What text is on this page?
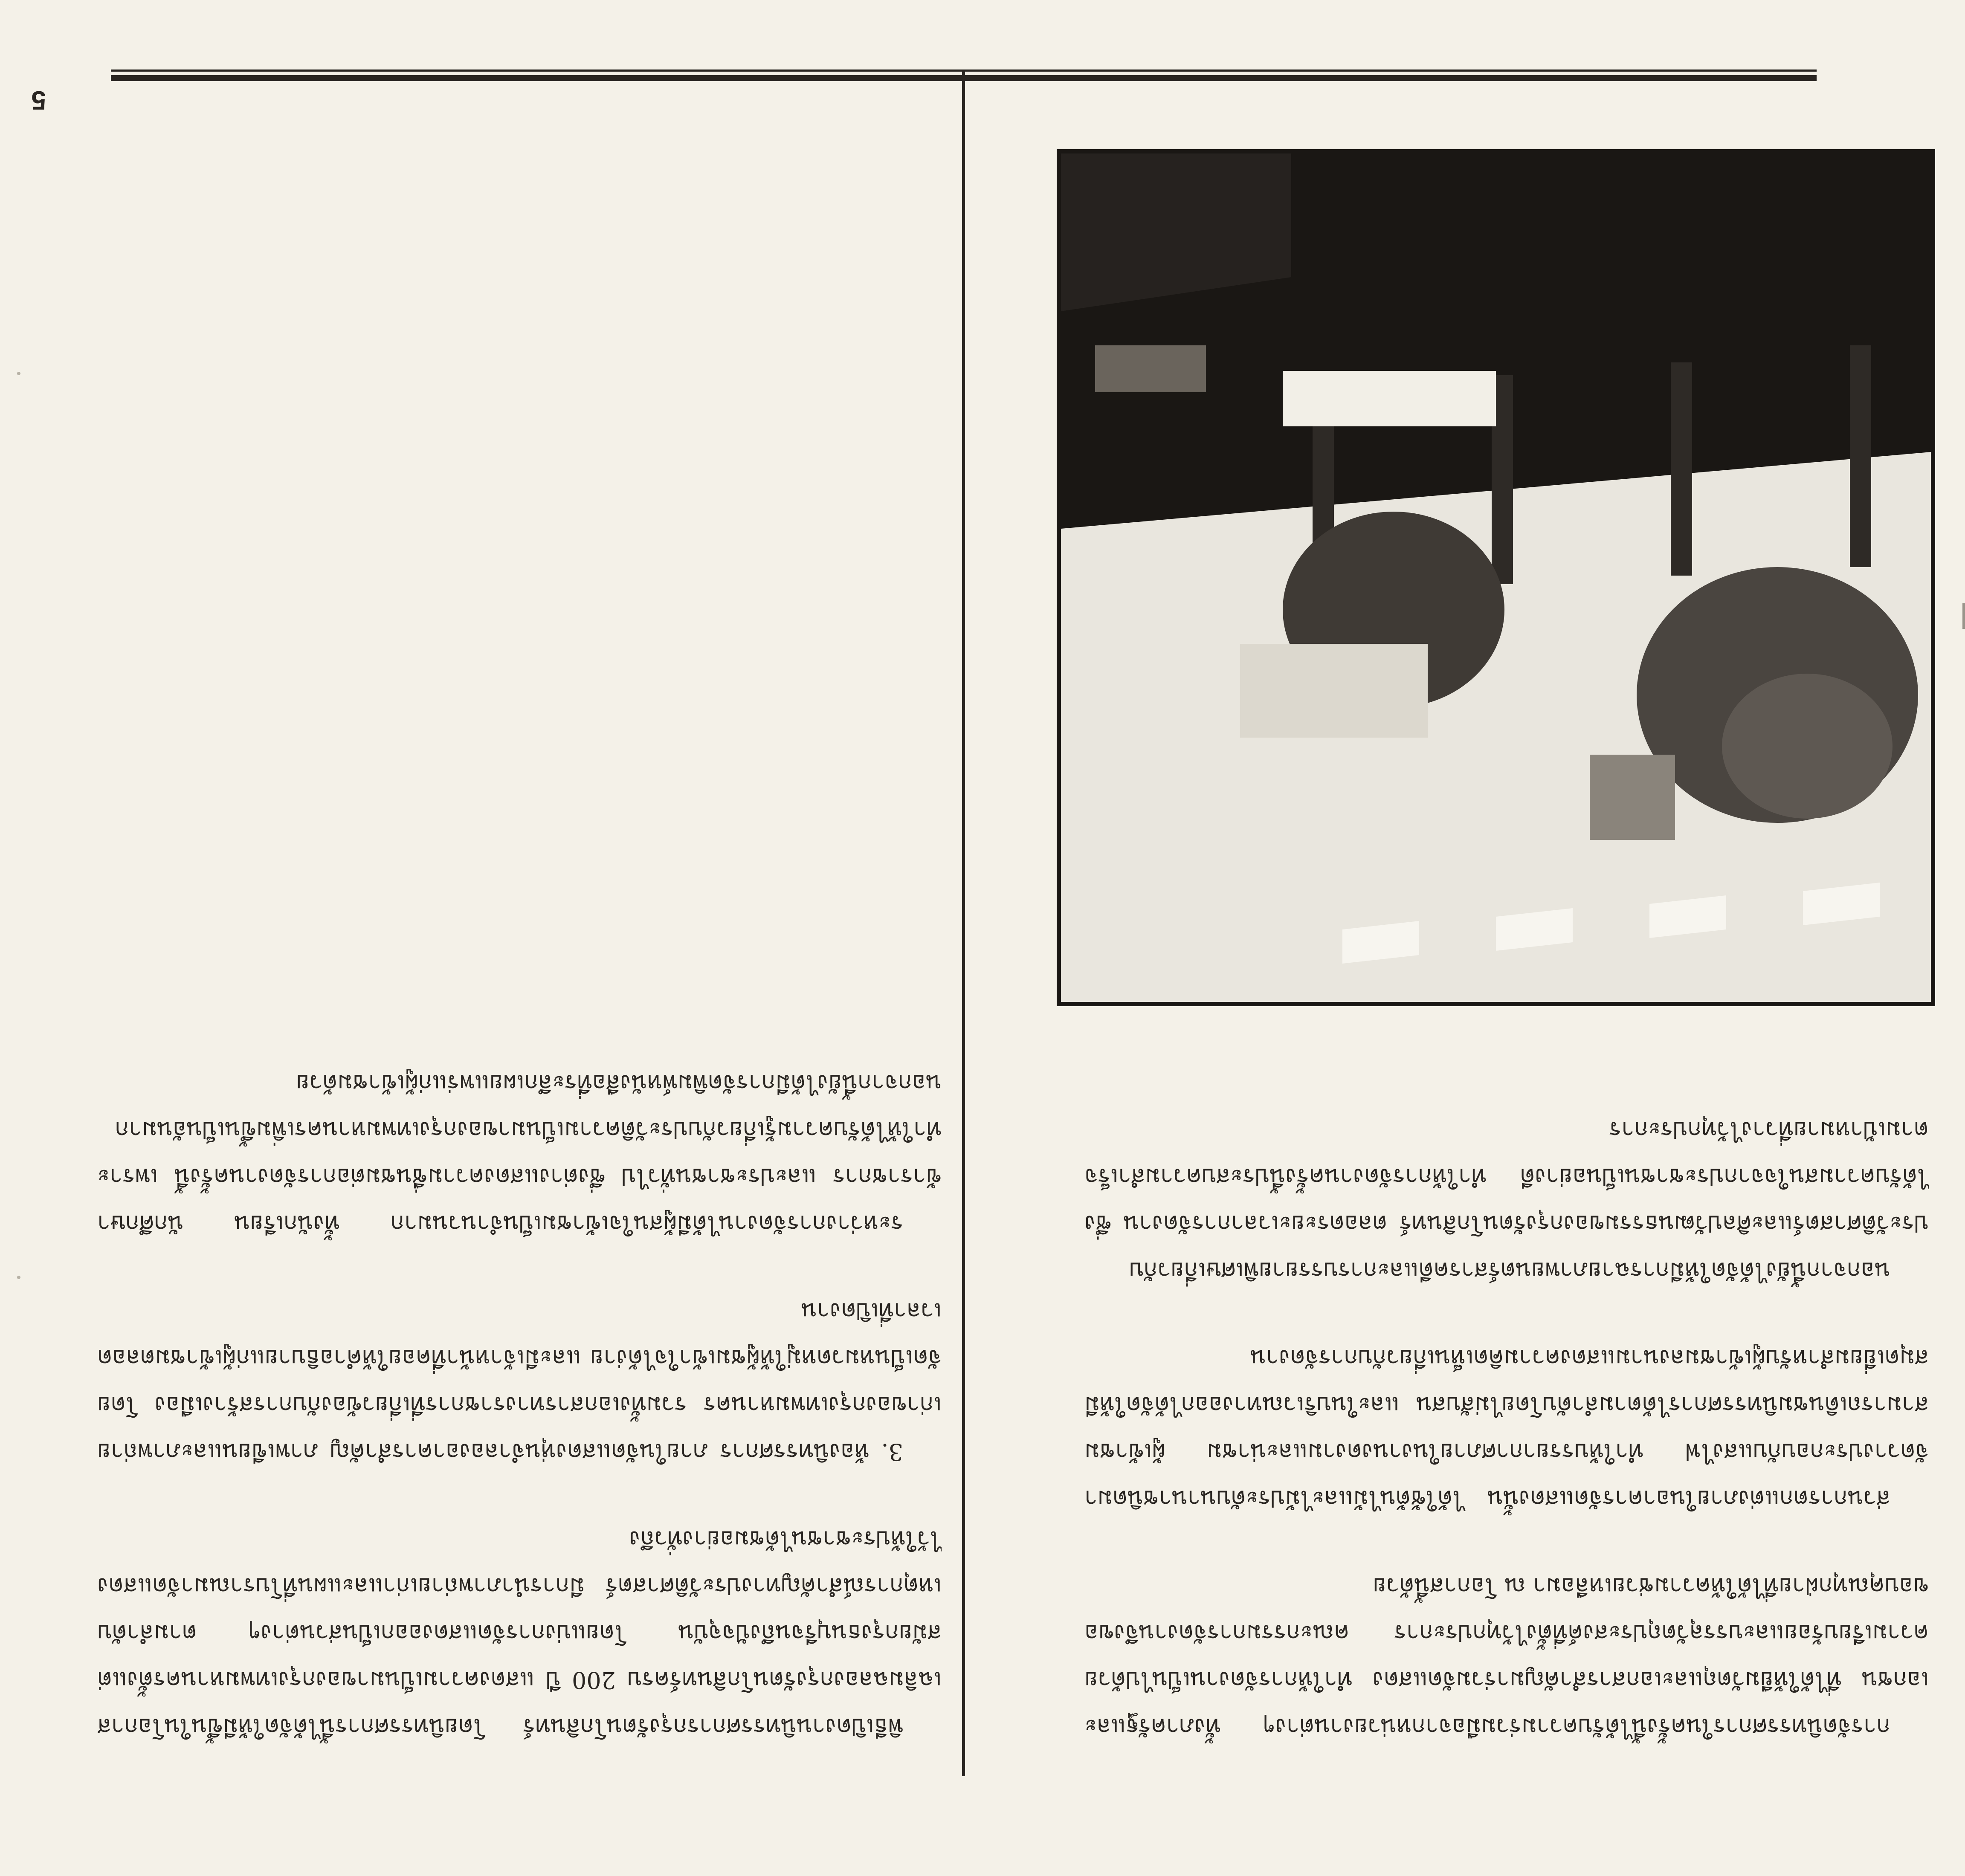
5

พิธีเปิดงานนิทรรศการกรุงรัตนโกสินทร์ โดยนิทรรศการนี้ได้จัดให้มีขึ้นในโอกาสเฉลิมฉลองกรุงรัตนโกสินทร์ครบ 200 ปี แสดงความเป็นมาของกรุงเทพมหานครตั้งแต่สมัยกรุงธนบุรีจนถึงปัจจุบัน โดยแบ่งการจัดแสดงออกเป็นส่วนต่างๆ ตามลำดับเหตุการณ์สำคัญทางประวัติศาสตร์ มีการนำภาพถ่ายเก่าและแผนที่โบราณมาจัดแสดงไว้ให้ประชาชนได้ชมอย่างทั่วถึง

3. ห้องนิทรรศการ ภายในจัดแสดงหุ่นจำลองอาคารสำคัญ ภาพเขียนและภาพถ่ายเก่าของกรุงเทพมหานคร รวมทั้งเอกสารทางราชการที่เกี่ยวข้องกับการสร้างเมือง โดยจัดเป็นหมวดหมู่ให้ผู้ชมเข้าใจได้ง่าย และมีเจ้าหน้าที่คอยให้คำอธิบายแก่ผู้เข้าชมตลอดเวลาที่เปิดงาน

ระหว่างการจัดงานได้มีผู้สนใจเข้าชมเป็นจำนวนมาก ทั้งนักเรียน นักศึกษา ข้าราชการ และประชาชนทั่วไป ซึ่งต่างแสดงความชื่นชมต่อการจัดงานครั้งนี้ เพราะทำให้ได้รับความรู้เกี่ยวกับประวัติความเป็นมาของกรุงเทพมหานครเพิ่มขึ้นเป็นอันมาก นอกจากนี้ยังได้มีการจัดพิมพ์หนังสือที่ระลึกเผยแพร่แก่ผู้เข้าชมด้วย

การจัดนิทรรศการในครั้งนี้ได้รับความร่วมมือจากหน่วยงานต่างๆ ทั้งภาครัฐและเอกชน ที่ได้ให้ยืมวัตถุและเอกสารสำคัญมาร่วมจัดแสดง ทำให้การจัดงานเป็นไปด้วยความเรียบร้อยและบรรลุวัตถุประสงค์ที่ตั้งไว้ทุกประการ คณะกรรมการจัดงานจึงขอขอบคุณทุกฝ่ายที่ได้ให้ความช่วยเหลือมา ณ โอกาสนี้ด้วย

ส่วนการตกแต่งภายในอาคารจัดแสดงนั้น ได้ใช้ต้นไม้และไม้ประดับนานาชนิดมาจัดวางประกอบกับแสงไฟ ทำให้บรรยากาศภายในงานงดงามและน่าชม ผู้เข้าชมสามารถเดินชมนิทรรศการได้ตามลำดับโดยไม่สับสน และในบริเวณทางออกได้จัดให้มีสมุดเยี่ยมสำหรับผู้เข้าชมลงนามแสดงความคิดเห็นเกี่ยวกับการจัดงาน

นอกจากนี้ยังได้จัดให้มีการฉายภาพยนตร์สารคดีและการบรรยายพิเศษเกี่ยวกับประวัติศาสตร์และศิลปวัฒนธรรมของกรุงรัตนโกสินทร์ ตลอดระยะเวลาการจัดงาน ซึ่งได้รับความสนใจจากประชาชนเป็นอย่างดี ทำให้การจัดงานครั้งนี้ประสบความสำเร็จตามเป้าหมายที่วางไว้ทุกประการ
